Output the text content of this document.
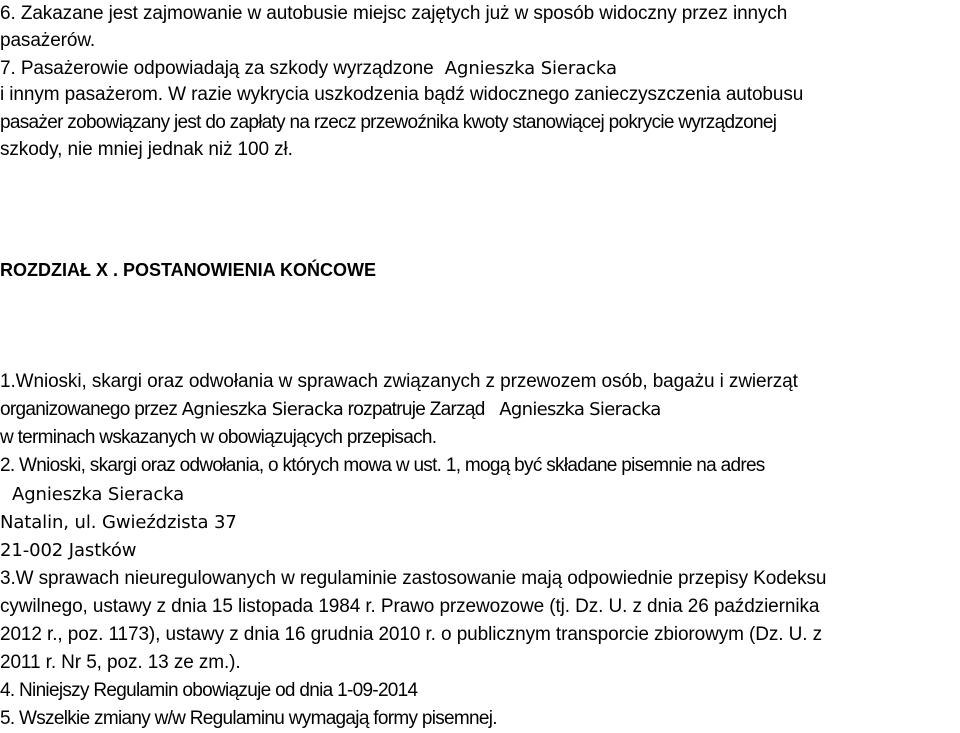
6. Zakazane jest zajmowanie w autobusie miejsc zajętych już w sposób widoczny przez innych
pasażerów.
7. Pasażerowie odpowiadają za szkody wyrządzone Agnieszka Sieracka
i innym pasażerom. W razie wykrycia uszkodzenia bądź widocznego zanieczyszczenia autobusu
pasażer zobowiązany jest do zapłaty na rzecz przewoźnika kwoty stanowiącej pokrycie wyrządzonej
szkody, nie mniej jednak niż 100 zł.
ROZDZIAŁ X . POSTANOWIENIA KOŃCOWE
1.Wnioski, skargi oraz odwołania w sprawach związanych z przewozem osób, bagażu i zwierząt
organizowanego przez Agnieszka Sieracka rozpatruje Zarząd Agnieszka Sieracka
w terminach wskazanych w obowiązujących przepisach.
2. Wnioski, skargi oraz odwołania, o których mowa w ust. 1, mogą być składane pisemnie na adres
Agnieszka Sieracka
Natalin, ul. Gwieździsta 37
21-002 Jastków
3.W sprawach nieuregulowanych w regulaminie zastosowanie mają odpowiednie przepisy Kodeksu
cywilnego, ustawy z dnia 15 listopada 1984 r. Prawo przewozowe (tj. Dz. U. z dnia 26 października
2012 r., poz. 1173), ustawy z dnia 16 grudnia 2010 r. o publicznym transporcie zbiorowym (Dz. U. z
2011 r. Nr 5, poz. 13 ze zm.).
4. Niniejszy Regulamin obowiązuje od dnia 1-09-2014
5. Wszelkie zmiany w/w Regulaminu wymagają formy pisemnej.
